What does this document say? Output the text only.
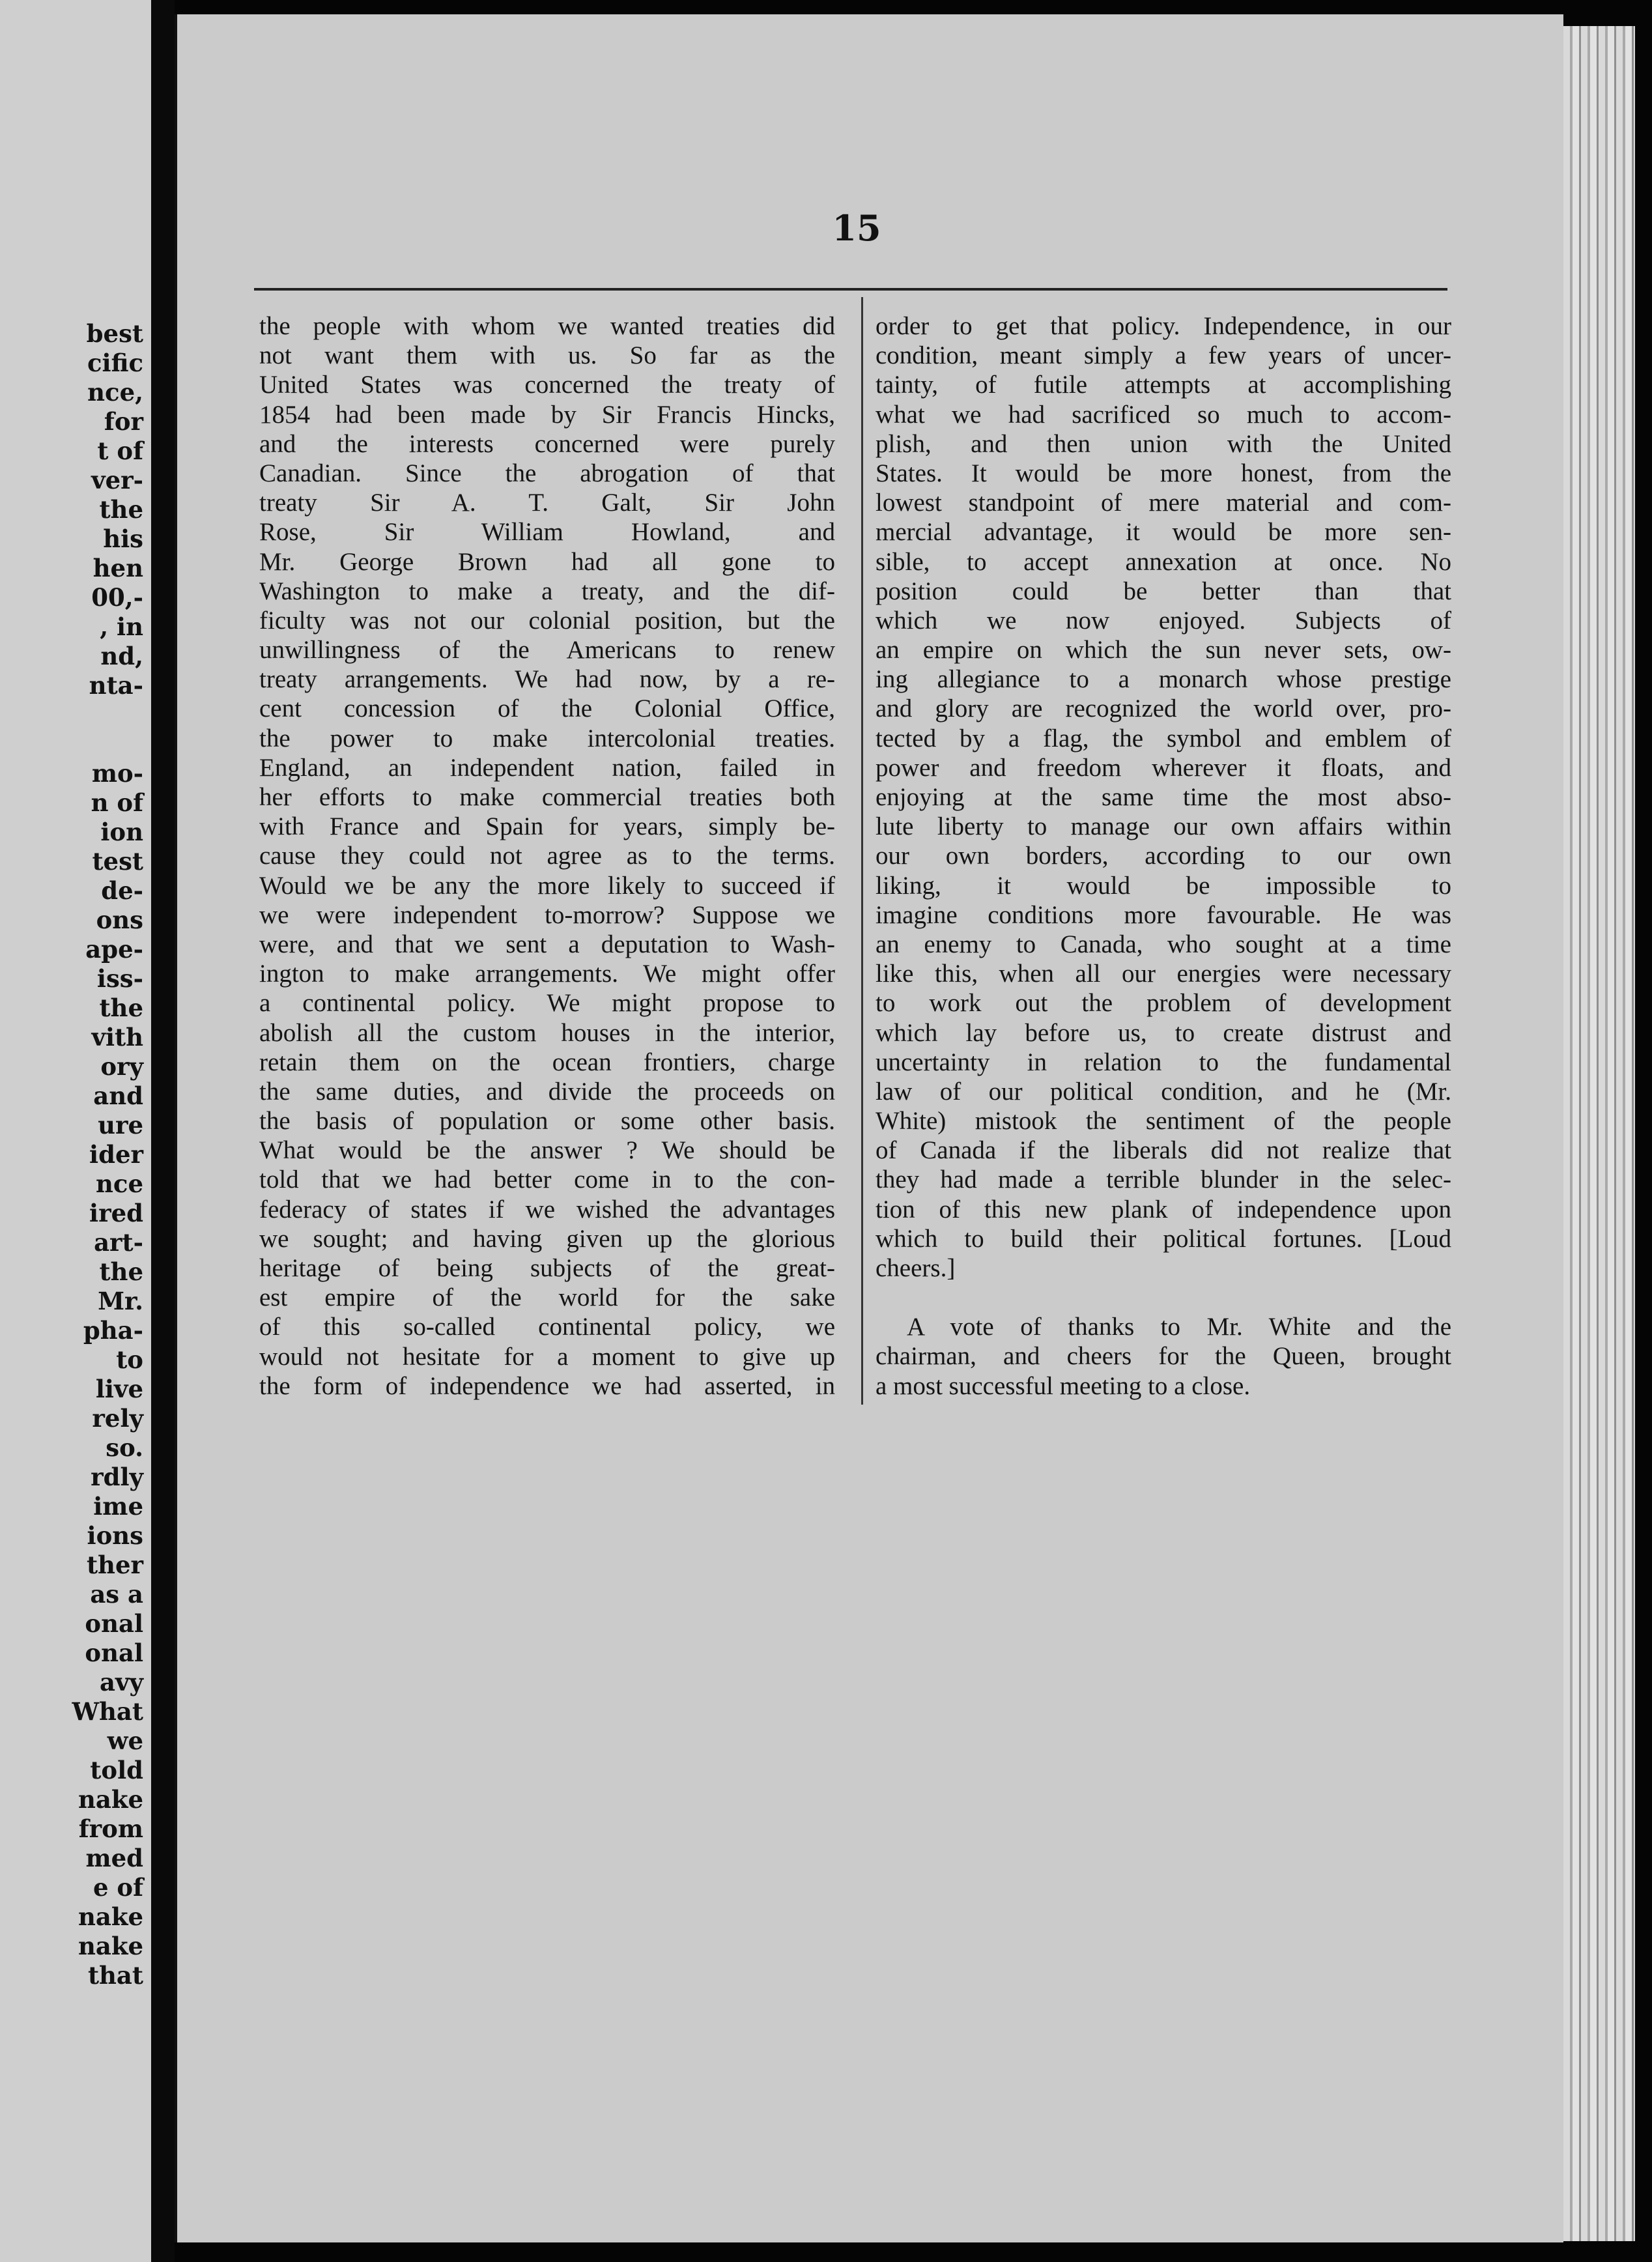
best
cific
nce,
for
t of
ver-
the
his
hen
00,-
, in
nd,
nta-

mo-
n of
ion
test
de-
ons
ape-
iss-
the
vith
ory
and
ure
ider
nce
ired
art-
the
Mr.
pha-
to
live
rely
so.
rdly
ime
ions
ther
as a
onal
onal
avy
What
we
told
nake
from
med
e of
nake
nake
that
15
the people with whom we wanted treaties did
not want them with us. So far as the
United States was concerned the treaty of
1854 had been made by Sir Francis Hincks,
and the interests concerned were purely
Canadian. Since the abrogation of that
treaty Sir A. T. Galt, Sir John
Rose, Sir William Howland, and
Mr. George Brown had all gone to
Washington to make a treaty, and the dif-
ficulty was not our colonial position, but the
unwillingness of the Americans to renew
treaty arrangements. We had now, by a re-
cent concession of the Colonial Office,
the power to make intercolonial treaties.
England, an independent nation, failed in
her efforts to make commercial treaties both
with France and Spain for years, simply be-
cause they could not agree as to the terms.
Would we be any the more likely to succeed if
we were independent to-morrow? Suppose we
were, and that we sent a deputation to Wash-
ington to make arrangements. We might offer
a continental policy. We might propose to
abolish all the custom houses in the interior,
retain them on the ocean frontiers, charge
the same duties, and divide the proceeds on
the basis of population or some other basis.
What would be the answer ? We should be
told that we had better come in to the con-
federacy of states if we wished the advantages
we sought; and having given up the glorious
heritage of being subjects of the great-
est empire of the world for the sake
of this so-called continental policy, we
would not hesitate for a moment to give up
the form of independence we had asserted, in
order to get that policy. Independence, in our
condition, meant simply a few years of uncer-
tainty, of futile attempts at accomplishing
what we had sacrificed so much to accom-
plish, and then union with the United
States. It would be more honest, from the
lowest standpoint of mere material and com-
mercial advantage, it would be more sen-
sible, to accept annexation at once. No
position could be better than that
which we now enjoyed. Subjects of
an empire on which the sun never sets, ow-
ing allegiance to a monarch whose prestige
and glory are recognized the world over, pro-
tected by a flag, the symbol and emblem of
power and freedom wherever it floats, and
enjoying at the same time the most abso-
lute liberty to manage our own affairs within
our own borders, according to our own
liking, it would be impossible to
imagine conditions more favourable. He was
an enemy to Canada, who sought at a time
like this, when all our energies were necessary
to work out the problem of development
which lay before us, to create distrust and
uncertainty in relation to the fundamental
law of our political condition, and he (Mr.
White) mistook the sentiment of the people
of Canada if the liberals did not realize that
they had made a terrible blunder in the selec-
tion of this new plank of independence upon
which to build their political fortunes. [Loud
cheers.]
A vote of thanks to Mr. White and the
chairman, and cheers for the Queen, brought
a most successful meeting to a close.
